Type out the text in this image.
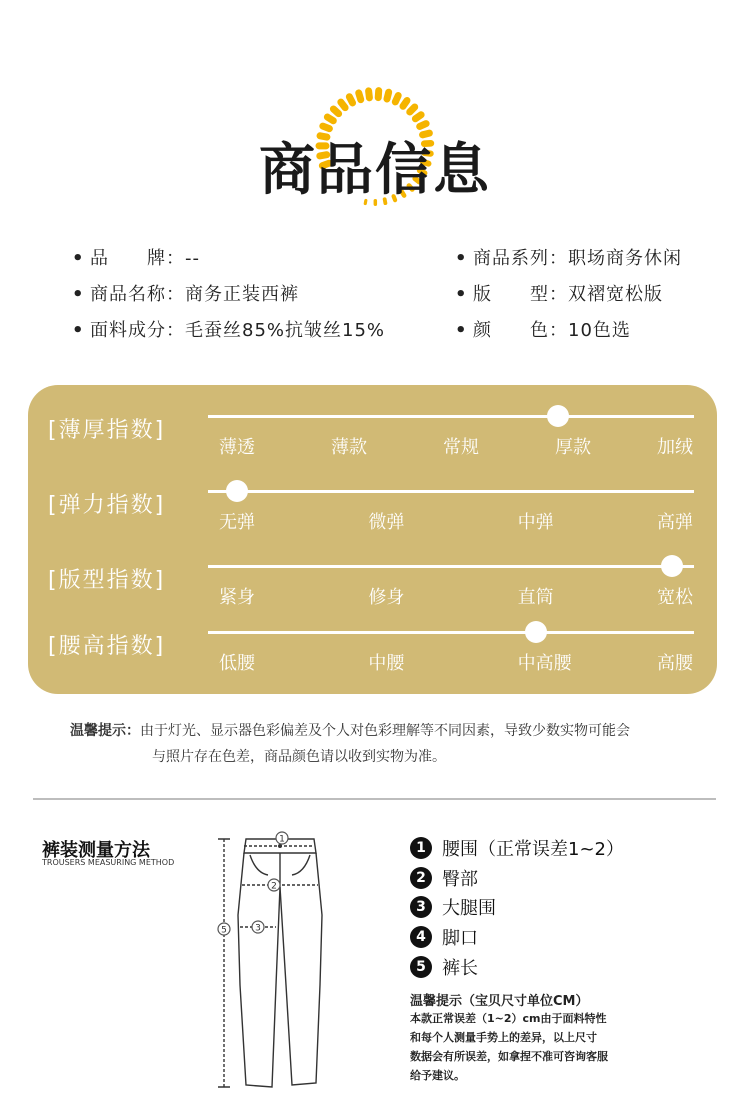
商品信息
• 品　　牌：--
• 商品名称：商务正装西裤
• 面料成分：毛蚕丝85%抗皱丝15%
• 商品系列：职场商务休闲
• 版　　型：双褶宽松版
• 颜　　色：10色选
[薄厚指数]
薄透	薄款	常规	厚款	加绒
[弹力指数]
无弹	微弹	中弹	高弹
[版型指数]
紧身	修身	直筒	宽松
[腰高指数]
低腰	中腰	中高腰	高腰
温馨提示：由于灯光、显示器色彩偏差及个人对色彩理解等不同因素，导致少数实物可能会
与照片存在色差，商品颜色请以收到实物为准。
裤装测量方法
TROUSERS MEASURING METHOD
1
2
3
5
1 腰围（正常误差1~2）
2 臀部
3 大腿围
4 脚口
5 裤长
温馨提示（宝贝尺寸单位CM）
本款正常误差（1~2）cm由于面料特性
和每个人测量手势上的差异，以上尺寸
数据会有所误差，如拿捏不准可咨询客服
给予建议。
